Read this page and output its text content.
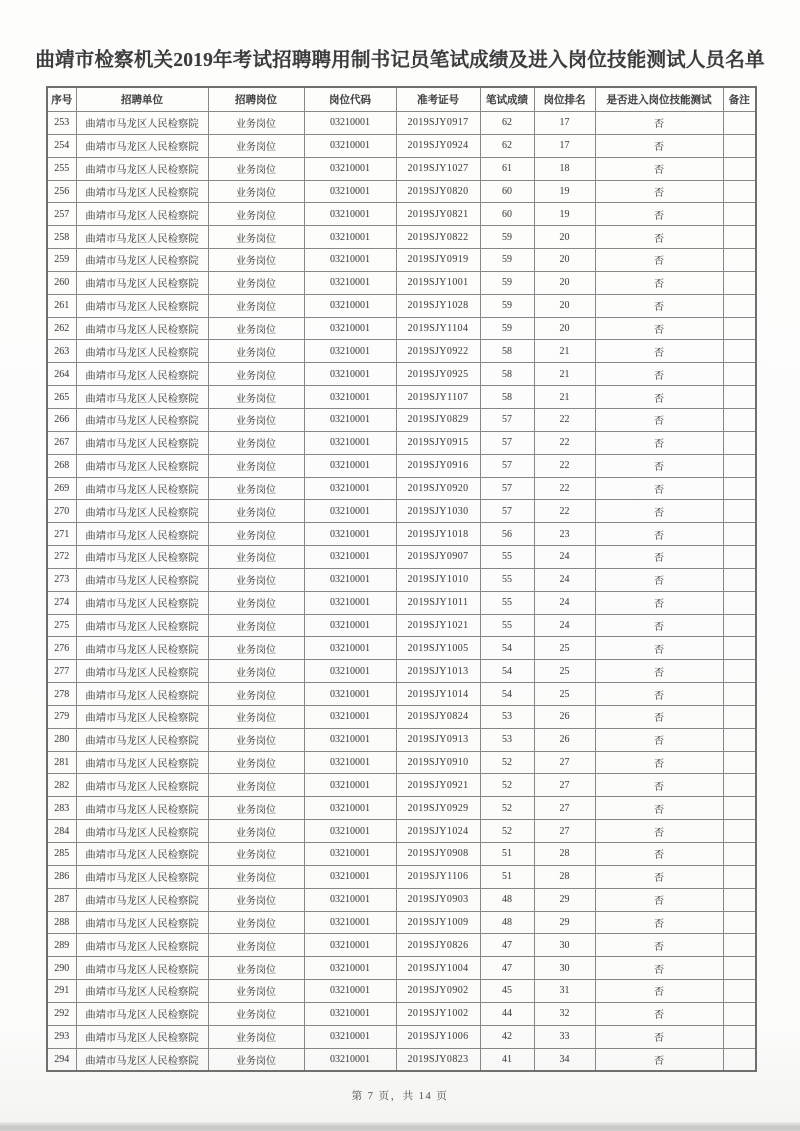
曲靖市检察机关2019年考试招聘聘用制书记员笔试成绩及进入岗位技能测试人员名单
序号	招聘单位	招聘岗位	岗位代码	准考证号	笔试成绩	岗位排名	是否进入岗位技能测试	备注
253	曲靖市马龙区人民检察院	业务岗位	03210001	2019SJY0917	62	17	否	
254	曲靖市马龙区人民检察院	业务岗位	03210001	2019SJY0924	62	17	否	
255	曲靖市马龙区人民检察院	业务岗位	03210001	2019SJY1027	61	18	否	
256	曲靖市马龙区人民检察院	业务岗位	03210001	2019SJY0820	60	19	否	
257	曲靖市马龙区人民检察院	业务岗位	03210001	2019SJY0821	60	19	否	
258	曲靖市马龙区人民检察院	业务岗位	03210001	2019SJY0822	59	20	否	
259	曲靖市马龙区人民检察院	业务岗位	03210001	2019SJY0919	59	20	否	
260	曲靖市马龙区人民检察院	业务岗位	03210001	2019SJY1001	59	20	否	
261	曲靖市马龙区人民检察院	业务岗位	03210001	2019SJY1028	59	20	否	
262	曲靖市马龙区人民检察院	业务岗位	03210001	2019SJY1104	59	20	否	
263	曲靖市马龙区人民检察院	业务岗位	03210001	2019SJY0922	58	21	否	
264	曲靖市马龙区人民检察院	业务岗位	03210001	2019SJY0925	58	21	否	
265	曲靖市马龙区人民检察院	业务岗位	03210001	2019SJY1107	58	21	否	
266	曲靖市马龙区人民检察院	业务岗位	03210001	2019SJY0829	57	22	否	
267	曲靖市马龙区人民检察院	业务岗位	03210001	2019SJY0915	57	22	否	
268	曲靖市马龙区人民检察院	业务岗位	03210001	2019SJY0916	57	22	否	
269	曲靖市马龙区人民检察院	业务岗位	03210001	2019SJY0920	57	22	否	
270	曲靖市马龙区人民检察院	业务岗位	03210001	2019SJY1030	57	22	否	
271	曲靖市马龙区人民检察院	业务岗位	03210001	2019SJY1018	56	23	否	
272	曲靖市马龙区人民检察院	业务岗位	03210001	2019SJY0907	55	24	否	
273	曲靖市马龙区人民检察院	业务岗位	03210001	2019SJY1010	55	24	否	
274	曲靖市马龙区人民检察院	业务岗位	03210001	2019SJY1011	55	24	否	
275	曲靖市马龙区人民检察院	业务岗位	03210001	2019SJY1021	55	24	否	
276	曲靖市马龙区人民检察院	业务岗位	03210001	2019SJY1005	54	25	否	
277	曲靖市马龙区人民检察院	业务岗位	03210001	2019SJY1013	54	25	否	
278	曲靖市马龙区人民检察院	业务岗位	03210001	2019SJY1014	54	25	否	
279	曲靖市马龙区人民检察院	业务岗位	03210001	2019SJY0824	53	26	否	
280	曲靖市马龙区人民检察院	业务岗位	03210001	2019SJY0913	53	26	否	
281	曲靖市马龙区人民检察院	业务岗位	03210001	2019SJY0910	52	27	否	
282	曲靖市马龙区人民检察院	业务岗位	03210001	2019SJY0921	52	27	否	
283	曲靖市马龙区人民检察院	业务岗位	03210001	2019SJY0929	52	27	否	
284	曲靖市马龙区人民检察院	业务岗位	03210001	2019SJY1024	52	27	否	
285	曲靖市马龙区人民检察院	业务岗位	03210001	2019SJY0908	51	28	否	
286	曲靖市马龙区人民检察院	业务岗位	03210001	2019SJY1106	51	28	否	
287	曲靖市马龙区人民检察院	业务岗位	03210001	2019SJY0903	48	29	否	
288	曲靖市马龙区人民检察院	业务岗位	03210001	2019SJY1009	48	29	否	
289	曲靖市马龙区人民检察院	业务岗位	03210001	2019SJY0826	47	30	否	
290	曲靖市马龙区人民检察院	业务岗位	03210001	2019SJY1004	47	30	否	
291	曲靖市马龙区人民检察院	业务岗位	03210001	2019SJY0902	45	31	否	
292	曲靖市马龙区人民检察院	业务岗位	03210001	2019SJY1002	44	32	否	
293	曲靖市马龙区人民检察院	业务岗位	03210001	2019SJY1006	42	33	否	
294	曲靖市马龙区人民检察院	业务岗位	03210001	2019SJY0823	41	34	否	
第 7 页，共 14 页
